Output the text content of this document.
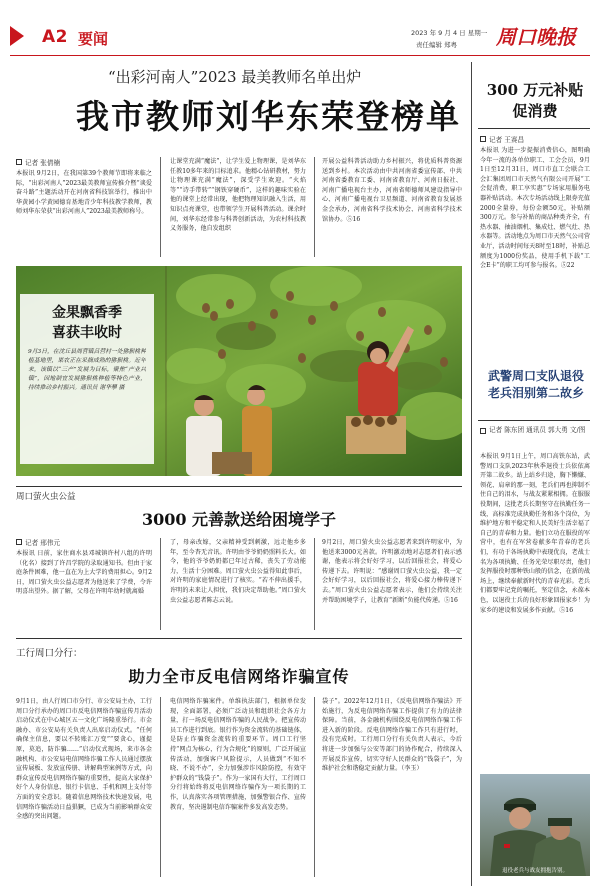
A2 要闻	2023 年 9 月 4 日 星期一
责任编辑 郑粤 周口晚报
“出彩河南人”2023 最美教师名单出炉
我市教师刘华东荣登榜单
记者 张倩楠
本报讯 9月2日，在我国第39个教师节即将来临之际，“出彩河南人”2023最美教师宣传推介暨“谈爱奋斗路”主题活动开在河南省科技馆举行，推出中华黄园小学黄园德育基地青少年科技教学教师，教师刘华东荣获“出彩河南人”2023最美教师称号。
让课堂充满“魔法”，让学生爱上物理课，是刘华东任教10多年来的目标追求。他精心钻研教材，努力让物理课充满“魔法”，深受学生欢迎。“火焰等”“诗手带转”“钢铁穿硬币”，这样的趣味实验在他的课堂上经常出现，他把物理知识融入生活，用知识点亮课堂，也带领学生开展科普活动。课余时间，刘华东经常参与科普创新活动，为农村科技教义务服务，他自发组织
开展公益科普活动助力乡村振兴，将优质科普资源送到乡村。本次活动由中共河南省委宣传部、中共河南省委教育工委、河南省教育厅、河南日报社、河南广播电视台主办，河南省师德师风建设指导中心、河南广播电视台卫星频道、河南省教育发展基金会承办，河南省科学技术协会、河南省科学技术馆协办。⑤16
300 万元补贴促消费
记者 王赛昌
本报讯 为进一步提振消费信心，图明确今年一流的各单位职工、工会会员，9月1日至12月31日，周口市直工会联合工会汇集团周口市天然气有限公司开展“工会促消费，职工享实惠”专场家用服务电器补贴活动。本次专场活动线上限券充值2000全量券，每份金额50元，补贴额300万元。参与补贴的商品种类齐全，有热水器、抽油烟机、集成灶、燃气灶、热水器等。活动地点为周口市天然气公司营业厅，活动时间每天8时至18时，补贴总额度为1000份奖品，使用手机下载“工会E卡”的职工均可参与报名。⑤22
武警周口支队退役老兵泪别第二故乡
记者 陈东团 通讯员 郭大勇 文/图
本报讯 9月1日上午，周口高铁东站，武警周口支队2023年秋季退役士兵依依离开第二故乡。站上站乡归途，胸下懒嫌、领花、肩章的那一刻，老兵们再也抑制不住自己的泪水，与战友紧紧相拥。在服服役期间，这批老兵长期坚守在执勤任务一线，高标准完成执勤任务和各个岗位，为维护地方和平稳定和人民美好生活幸福了自己的青春和力量。他们立功在服役的军营中，也有在军营卷献多年青春的老兵们，有功于各场执勤中表现优良，老战士名为各项执勤、任务光荣尽职尽责，他们发挥服役时那种铁山般的信念，在新的战场上，继续奉献新时代的青春光彩。老兵们都要牢记党的嘱托，坚定信念，永葆本色，以退役士兵的良好形象回报家乡！为家乡的建设和发展多作贡献。⑤16
退役老兵与战友拥抱告别。
金果飘香季
喜获丰收时
9月3日，在沈丘县周营镇吕营村一处猕猴桃种植基地里，果农正在采摘成熟的猕猴桃。近年来，该镇以“三产”发展为目标，聚焦“产业兴镇”，因地制宜发展猕猴桃种植等特色产业，持续推动乡村振兴。通讯员 谢华攀 摄
周口萤火虫公益
3000 元善款送给困境学子
记者 邢伟元
本报讯 日前，家住商水县邓城镇许村八组的许明（化名）接到了许昌学院的录取通知书。但由于家庭条件困难，他一直在为上大学的费用担心。9月2日，周口萤火虫公益志愿者为他送来了学费，令许明喜出望外。据了解，父母在许明年幼时就离婚
了，母亲改嫁，父亲精神受到刺激，远走他乡多年，至今杳无音讯。许明由爷爷奶奶照料长大。如今，他的爷爷奶奶都已年过古稀，丧失了劳动能力，生活十分困难。周口萤火虫公益得知此事后，对许明的家庭情况进行了核实。“若不伸出援手，许明的未来让人担忧，我们决定帮助他。”周口萤火虫公益志愿者陈志云说。
9月2日，周口萤火虫公益志愿者来到许明家中，为他送来3000元善款。许明激动地对志愿者们表示感谢，他表示将会好好学习，以后回报社会，将爱心传递下去。许明说：“感谢周口萤火虫公益，我一定会好好学习，以后回报社会，将爱心接力棒传递下去。”周口萤火虫公益志愿者表示，他们会持续关注并帮助困境学子，让教育“新断”负能代传递。⑤16
工行周口分行：
助力全市反电信网络诈骗宣传
9月1日，由人行周口市分行、市公安局主办，工行周口分行承办的周口市反电信网络诈骗宣传月活动启动仪式在中心城区五一文化广场隆重举行。市金融办、市公安局有关负责人出席启动仪式。“任何确保主信息，要以不转账汇万变”“要贪心，谨提原，莫追，防诈骗……”启动仪式现场，来市各金融机构、市公安局电信网络诈骗工作人员通过摆放宣传展板、发放宣传册、讲解典型案例等方式，向群众宣传反电信网络诈骗的重要性，提高大家保护好个人身份信息、银行卡信息、手机和网上支付等方面的安全意识。随着信息网络技术快速发展，电信网络诈骗活动日益猖獗，已成为当前影响群众安全感的突出问题。
电信网络诈骗案件。单维执法部门，根据单位发现，全面部署，必须广泛动员和组织社会各方力量，打一场反电信网络诈骗的人民战争。把宣传动员工作进行到底。银行作为资金流转的基础链体，是防止诈骗资金流转的重要环节。周口工行坚持“网点为核心，行为合规化”的原则，广泛开展宣传活动，加强客户风险提示，人员做到“不知不晓、不说不办”，全力加强涉诈风险防控，有效守护群众的“钱袋子”。作为一家国有大行，工行周口分行将始终将反电信网络诈骗作为一项长期的工作，认真落实各项管理措施，加强警银合作、宣传教育，坚决遏制电信诈骗案件多发高发态势。
袋子”。2022年12月1日，《反电信网络诈骗法》开始施行，为反电信网络诈骗工作提供了有力的法律保障。当前，各金融机构围绕反电信网络诈骗工作进入新的阶段。反电信网络诈骗工作只有进行时，没有完成时。工行周口分行有关负责人表示，今后将进一步加强与公安等部门的协作配合，持续深入开展反诈宣传，切实守好人民群众的“钱袋子”，为维护社会和谐稳定贡献力量。（李玉）
